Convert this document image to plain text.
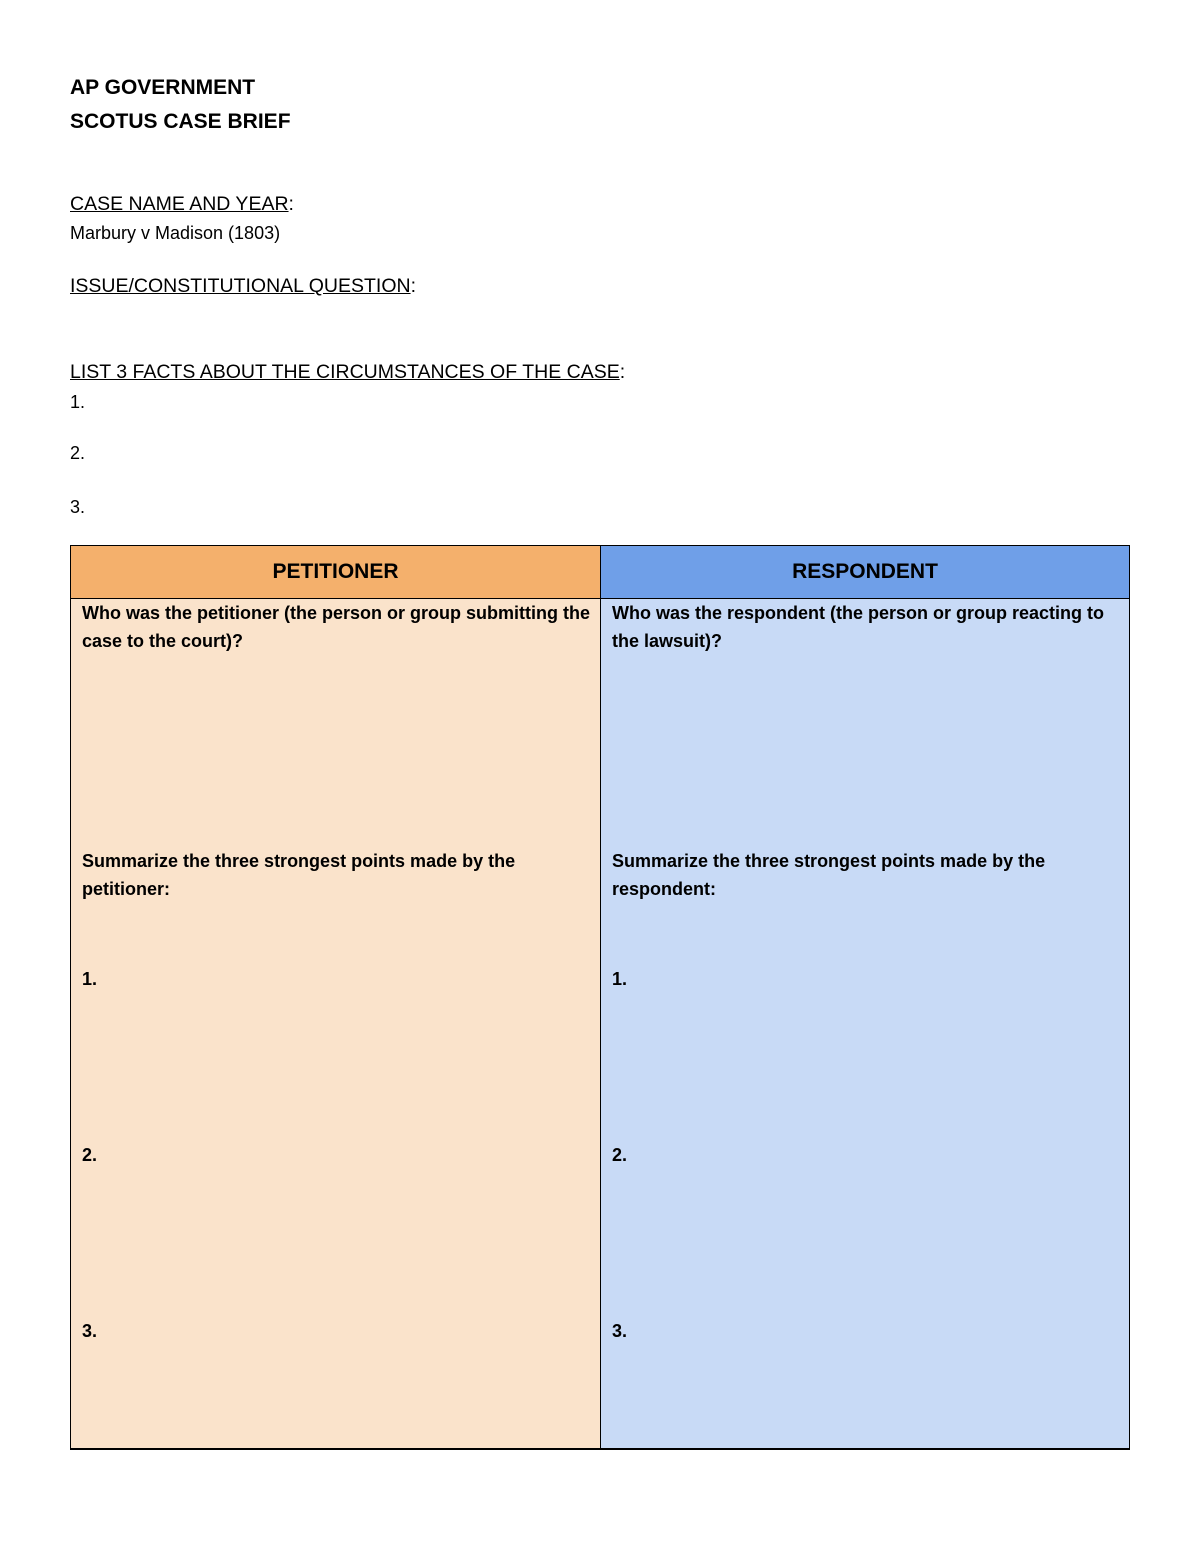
AP GOVERNMENT
SCOTUS CASE BRIEF
CASE NAME AND YEAR:
Marbury v Madison (1803)
ISSUE/CONSTITUTIONAL QUESTION:
LIST 3 FACTS ABOUT THE CIRCUMSTANCES OF THE CASE:
1.
2.
3.
PETITIONER	RESPONDENT
Who was the petitioner (the person or group submitting the case to the court)?
Summarize the three strongest points made by the petitioner:
1.
2.
3.
Who was the respondent (the person or group reacting to the lawsuit)?
Summarize the three strongest points made by the respondent:
1.
2.
3.
